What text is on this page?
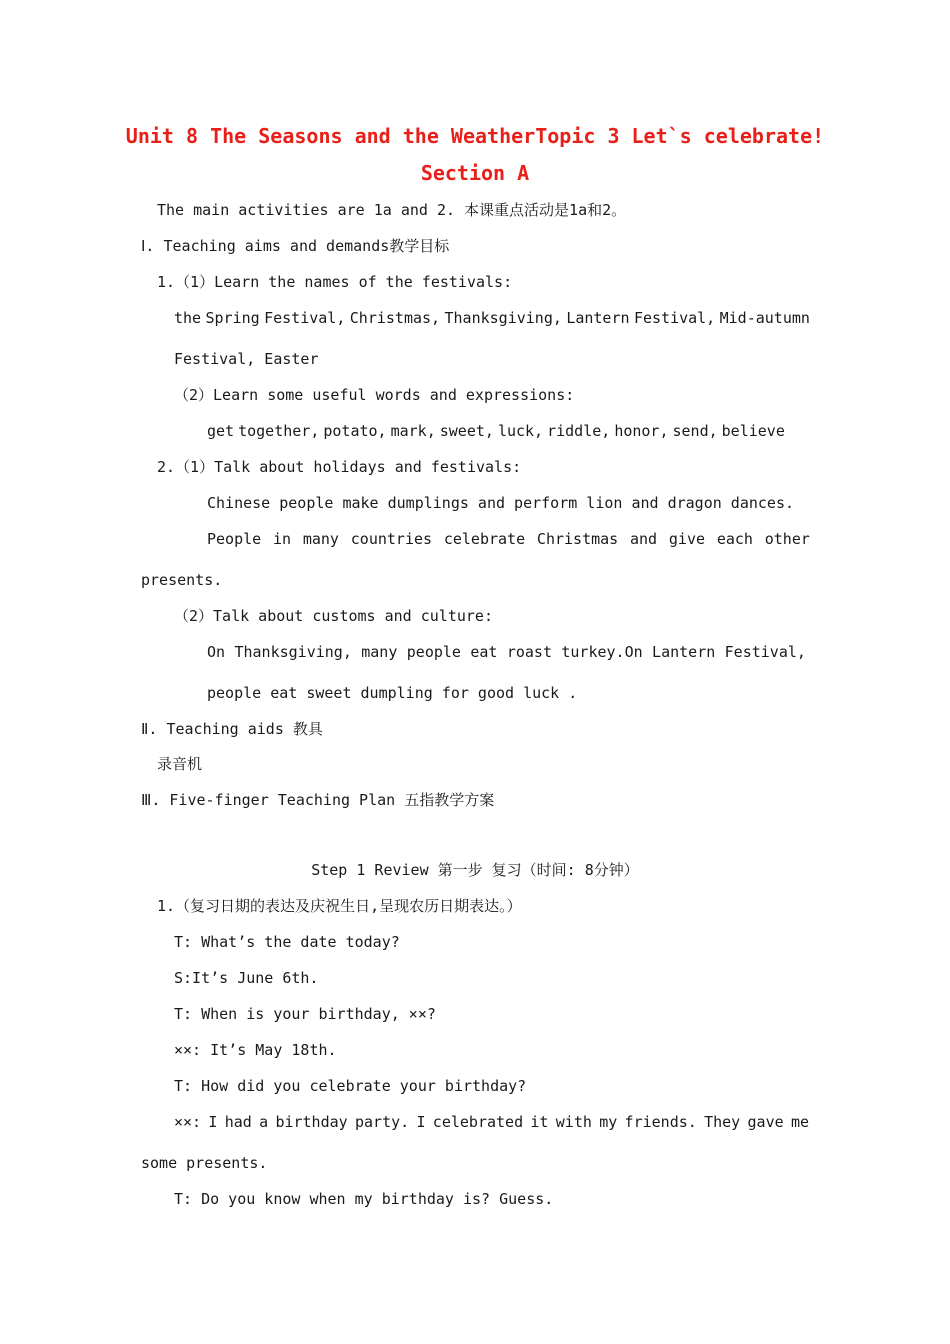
Unit 8 The Seasons and the WeatherTopic 3 Let`s celebrate!
Section A
The main activities are 1a and 2. 本课重点活动是1a和2。
Ⅰ. Teaching aims and demands教学目标
1.（1）Learn the names of the festivals:
the Spring Festival, Christmas, Thanksgiving, Lantern Festival, Mid-autumn
Festival, Easter
（2）Learn some useful words and expressions:
get together, potato, mark, sweet, luck, riddle, honor, send, believe
2.（1）Talk about holidays and festivals:
Chinese people make dumplings and perform lion and dragon dances.
People in many countries celebrate Christmas and give each other
presents.
（2）Talk about customs and culture:
On Thanksgiving, many people eat roast turkey.On Lantern Festival,
people eat sweet dumpling for good luck .
Ⅱ. Teaching aids 教具
录音机
Ⅲ. Five-finger Teaching Plan 五指教学方案
Step 1 Review 第一步 复习（时间: 8分钟）
1.（复习日期的表达及庆祝生日,呈现农历日期表达。）
T: What’s the date today?
S:It’s June 6th.
T: When is your birthday, ××?
××: It’s May 18th.
T: How did you celebrate your birthday?
××: I had a birthday party. I celebrated it with my friends. They gave me
some presents.
T: Do you know when my birthday is? Guess.
